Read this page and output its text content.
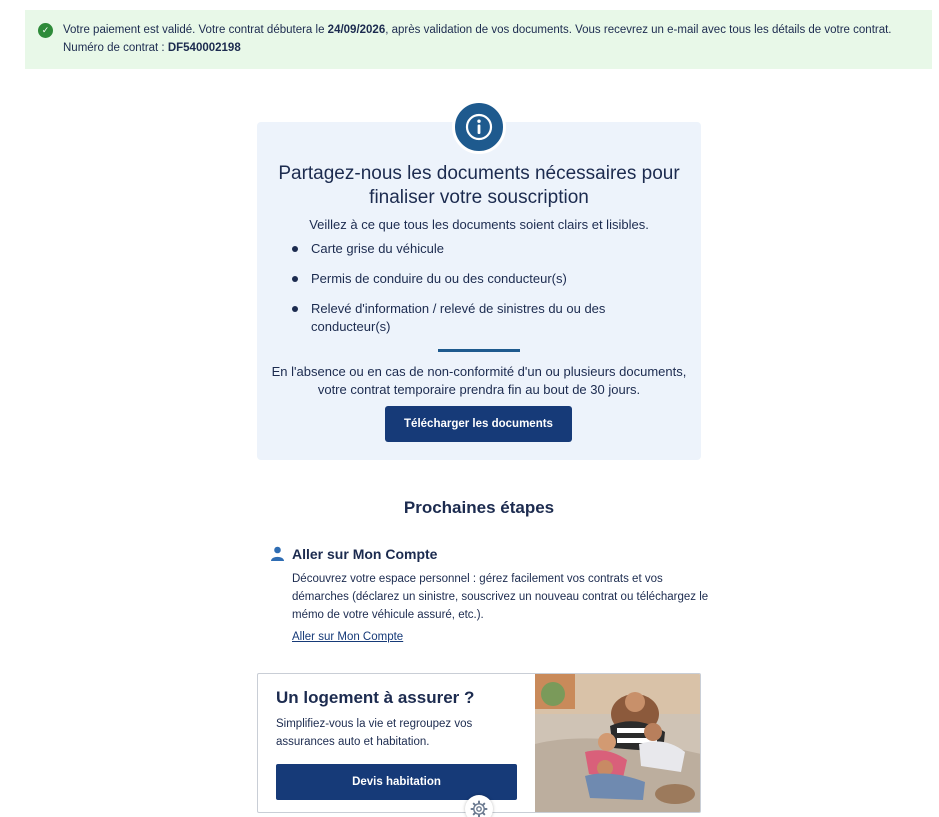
✓	Votre paiement est validé. Votre contrat débutera le 24/09/2026, après validation de vos documents. Vous recevrez un e-mail avec tous les détails de votre contrat. Numéro de contrat : DF540002198
Partagez-nous les documents nécessaires pour finaliser votre souscription

Veillez à ce que tous les documents soient clairs et lisibles.

Carte grise du véhicule
Permis de conduire du ou des conducteur(s)
Relevé d'information / relevé de sinistres du ou des conducteur(s)

En l'absence ou en cas de non-conformité d'un ou plusieurs documents, votre contrat temporaire prendra fin au bout de 30 jours.

Télécharger les documents
Prochaines étapes
Aller sur Mon Compte

Découvrez votre espace personnel : gérez facilement vos contrats et vos démarches (déclarez un sinistre, souscrivez un nouveau contrat ou téléchargez le mémo de votre véhicule assuré, etc.).

Aller sur Mon Compte
Un logement à assurer ?

Simplifiez-vous la vie et regroupez vos assurances auto et habitation.

Devis habitation
